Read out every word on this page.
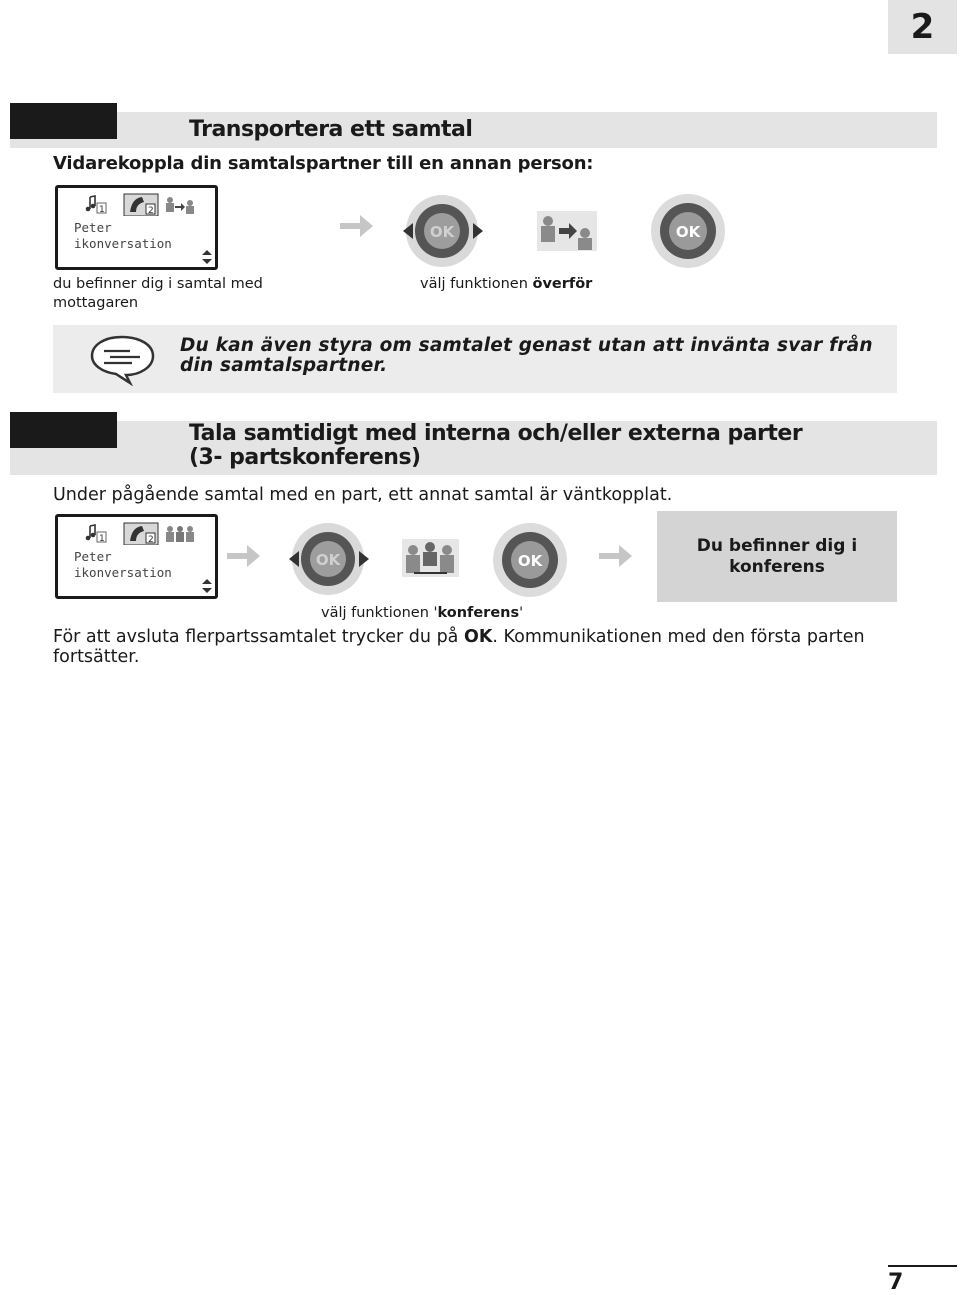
2
Transportera ett samtal
Vidarekoppla din samtalspartner till en annan person:
1	2
Peter
ikonversation
OK	OK
du befinner dig i samtal med mottagaren
välj funktionen överför
Du kan även styra om samtalet genast utan att invänta svar från din samtalspartner.
Tala samtidigt med interna och/eller externa parter
(3- partskonferens)
Under pågående samtal med en part, ett annat samtal är väntkopplat.
1	2
Peter
ikonversation
OK	OK
Du befinner dig i konferens
välj funktionen 'konferens'
För att avsluta flerpartssamtalet trycker du på OK. Kommunikationen med den första parten fortsätter.
7
